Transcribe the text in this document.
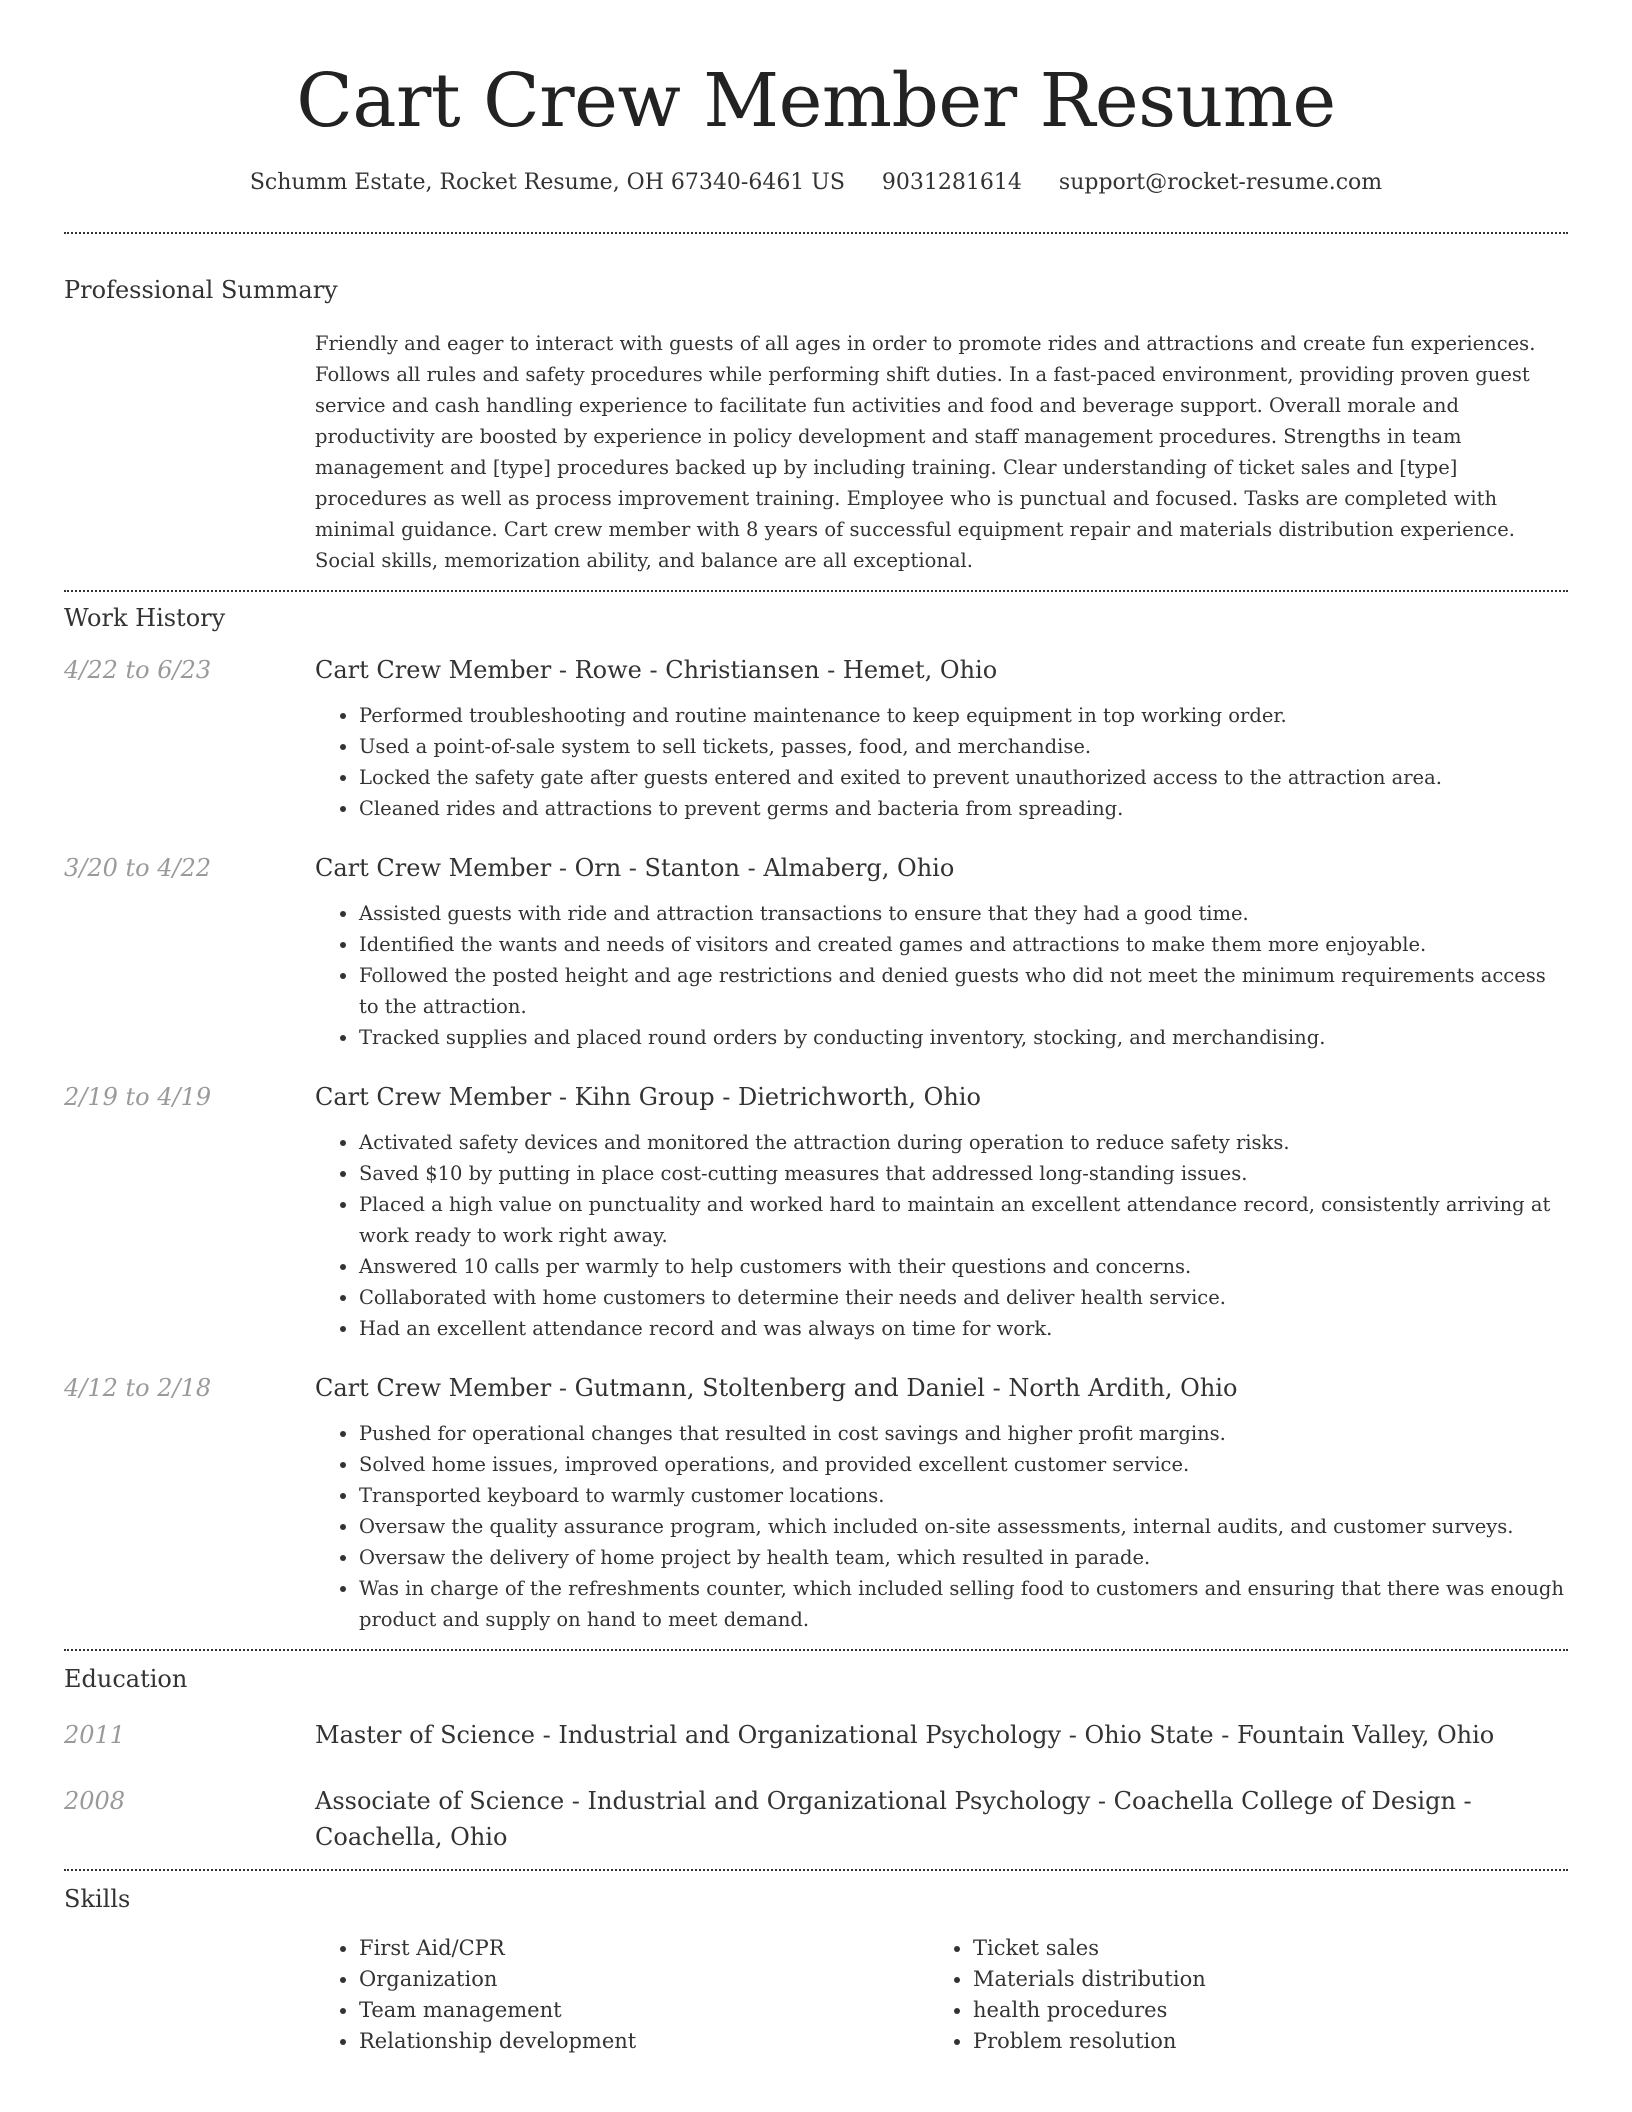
Cart Crew Member Resume
Schumm Estate, Rocket Resume, OH 67340-6461 US 9031281614 support@rocket-resume.com
Professional Summary
Friendly and eager to interact with guests of all ages in order to promote rides and attractions and create fun experiences. Follows all rules and safety procedures while performing shift duties. In a fast-paced environment, providing proven guest service and cash handling experience to facilitate fun activities and food and beverage support. Overall morale and productivity are boosted by experience in policy development and staff management procedures. Strengths in team management and [type] procedures backed up by including training. Clear understanding of ticket sales and [type] procedures as well as process improvement training. Employee who is punctual and focused. Tasks are completed with minimal guidance. Cart crew member with 8 years of successful equipment repair and materials distribution experience. Social skills, memorization ability, and balance are all exceptional.
Work History
4/22 to 6/23	Cart Crew Member - Rowe - Christiansen - Hemet, Ohio
• Performed troubleshooting and routine maintenance to keep equipment in top working order.
• Used a point-of-sale system to sell tickets, passes, food, and merchandise.
• Locked the safety gate after guests entered and exited to prevent unauthorized access to the attraction area.
• Cleaned rides and attractions to prevent germs and bacteria from spreading.
3/20 to 4/22	Cart Crew Member - Orn - Stanton - Almaberg, Ohio
• Assisted guests with ride and attraction transactions to ensure that they had a good time.
• Identified the wants and needs of visitors and created games and attractions to make them more enjoyable.
• Followed the posted height and age restrictions and denied guests who did not meet the minimum requirements access to the attraction.
• Tracked supplies and placed round orders by conducting inventory, stocking, and merchandising.
2/19 to 4/19	Cart Crew Member - Kihn Group - Dietrichworth, Ohio
• Activated safety devices and monitored the attraction during operation to reduce safety risks.
• Saved $10 by putting in place cost-cutting measures that addressed long-standing issues.
• Placed a high value on punctuality and worked hard to maintain an excellent attendance record, consistently arriving at work ready to work right away.
• Answered 10 calls per warmly to help customers with their questions and concerns.
• Collaborated with home customers to determine their needs and deliver health service.
• Had an excellent attendance record and was always on time for work.
4/12 to 2/18	Cart Crew Member - Gutmann, Stoltenberg and Daniel - North Ardith, Ohio
• Pushed for operational changes that resulted in cost savings and higher profit margins.
• Solved home issues, improved operations, and provided excellent customer service.
• Transported keyboard to warmly customer locations.
• Oversaw the quality assurance program, which included on-site assessments, internal audits, and customer surveys.
• Oversaw the delivery of home project by health team, which resulted in parade.
• Was in charge of the refreshments counter, which included selling food to customers and ensuring that there was enough product and supply on hand to meet demand.
Education
2011	Master of Science - Industrial and Organizational Psychology - Ohio State - Fountain Valley, Ohio
2008	Associate of Science - Industrial and Organizational Psychology - Coachella College of Design - Coachella, Ohio
Skills
• First Aid/CPR
• Organization
• Team management
• Relationship development
• Ticket sales
• Materials distribution
• health procedures
• Problem resolution
